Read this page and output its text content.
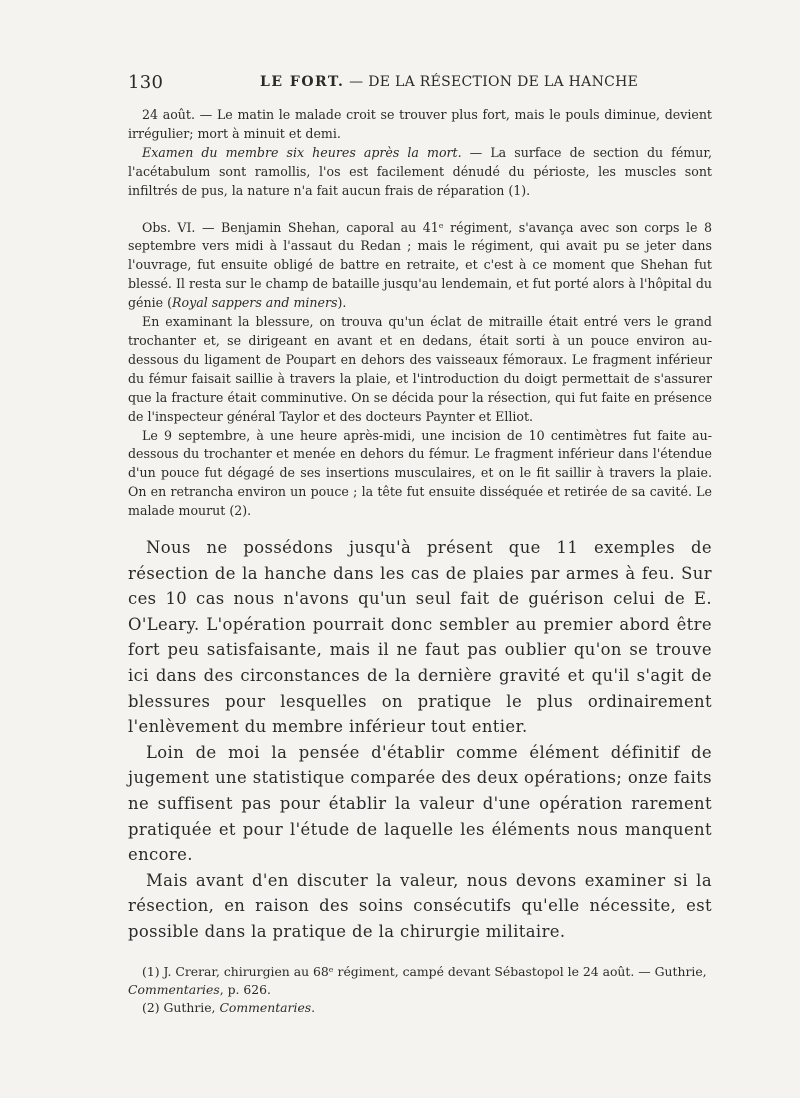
130	LE FORT. — DE LA RÉSECTION DE LA HANCHE

24 août. — Le matin le malade croit se trouver plus fort, mais le pouls diminue, devient irrégulier; mort à minuit et demi.

Examen du membre six heures après la mort. — La surface de section du fémur, l'acétabulum sont ramollis, l'os est facilement dénudé du périoste, les muscles sont infiltrés de pus, la nature n'a fait aucun frais de réparation (1).

Obs. VI. — Benjamin Shehan, caporal au 41ᵉ régiment, s'avança avec son corps le 8 septembre vers midi à l'assaut du Redan ; mais le régiment, qui avait pu se jeter dans l'ouvrage, fut ensuite obligé de battre en retraite, et c'est à ce moment que Shehan fut blessé. Il resta sur le champ de bataille jusqu'au lendemain, et fut porté alors à l'hôpital du génie (Royal sappers and miners).

En examinant la blessure, on trouva qu'un éclat de mitraille était entré vers le grand trochanter et, se dirigeant en avant et en dedans, était sorti à un pouce environ au-dessous du ligament de Poupart en dehors des vaisseaux fémoraux. Le fragment inférieur du fémur faisait saillie à travers la plaie, et l'introduction du doigt permettait de s'assurer que la fracture était comminutive. On se décida pour la résection, qui fut faite en présence de l'inspecteur général Taylor et des docteurs Paynter et Elliot.

Le 9 septembre, à une heure après-midi, une incision de 10 centimètres fut faite au-dessous du trochanter et menée en dehors du fémur. Le fragment inférieur dans l'étendue d'un pouce fut dégagé de ses insertions musculaires, et on le fit saillir à travers la plaie. On en retrancha environ un pouce ; la tête fut ensuite disséquée et retirée de sa cavité. Le malade mourut (2).

Nous ne possédons jusqu'à présent que 11 exemples de résection de la hanche dans les cas de plaies par armes à feu. Sur ces 10 cas nous n'avons qu'un seul fait de guérison celui de E. O'Leary. L'opération pourrait donc sembler au premier abord être fort peu satisfaisante, mais il ne faut pas oublier qu'on se trouve ici dans des circonstances de la dernière gravité et qu'il s'agit de blessures pour lesquelles on pratique le plus ordinairement l'enlèvement du membre inférieur tout entier.

Loin de moi la pensée d'établir comme élément définitif de jugement une statistique comparée des deux opérations; onze faits ne suffisent pas pour établir la valeur d'une opération rarement pratiquée et pour l'étude de laquelle les éléments nous manquent encore.

Mais avant d'en discuter la valeur, nous devons examiner si la résection, en raison des soins consécutifs qu'elle nécessite, est possible dans la pratique de la chirurgie militaire.

(1) J. Crerar, chirurgien au 68ᵉ régiment, campé devant Sébastopol le 24 août. — Guthrie, Commentaries, p. 626.

(2) Guthrie, Commentaries.
